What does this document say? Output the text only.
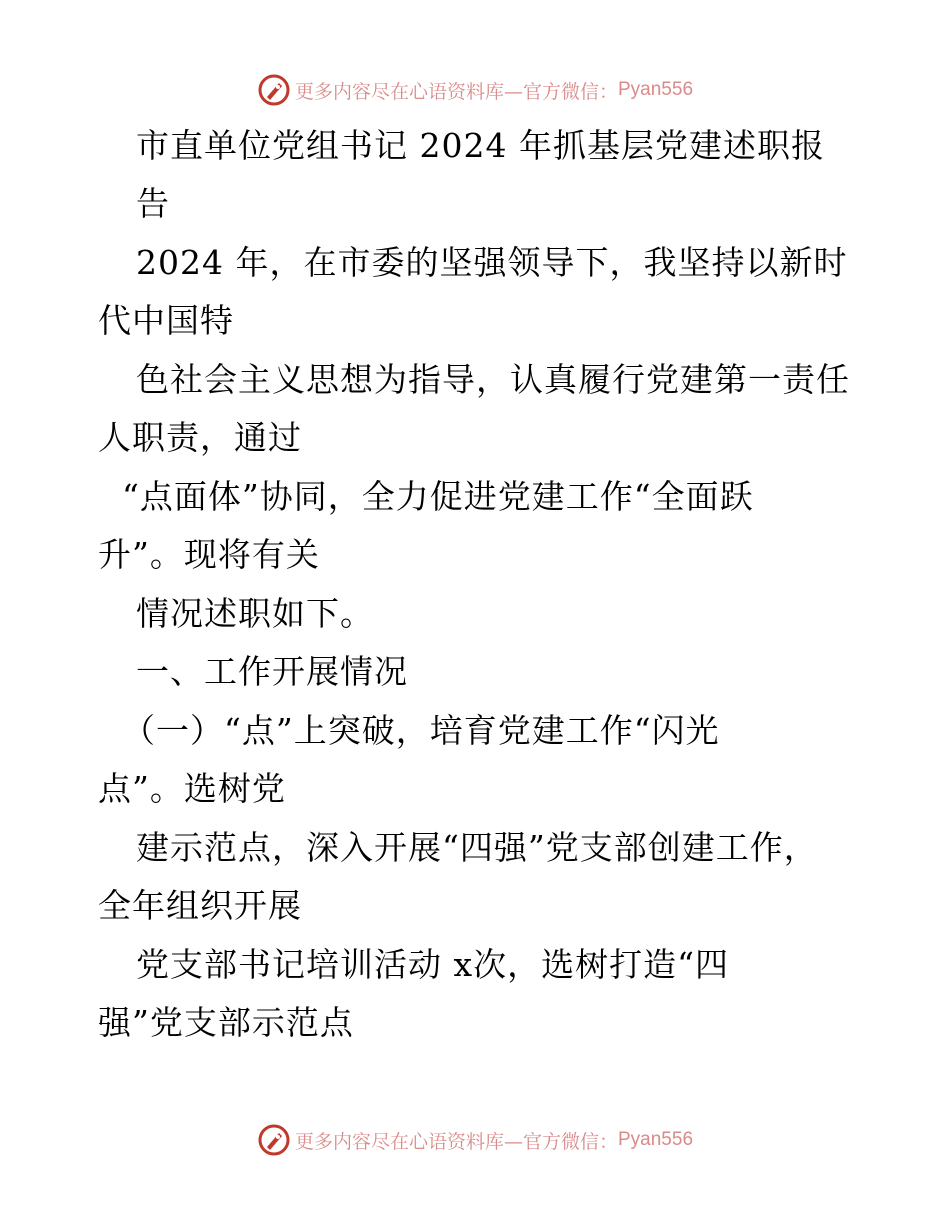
更多内容尽在心语资料库—官方微信： Pyan556
市直单位党组书记 2024 年抓基层党建述职报
告
2024 年，在市委的坚强领导下，我坚持以新时
代中国特
色社会主义思想为指导，认真履行党建第一责任
人职责，通过
“点面体”协同，全力促进党建工作“全面跃
升”。现将有关
情况述职如下。
一、工作开展情况
（一）“点”上突破，培育党建工作“闪光
点”。选树党
建示范点，深入开展“四强”党支部创建工作，
全年组织开展
党支部书记培训活动 x次，选树打造“四
强”党支部示范点
更多内容尽在心语资料库—官方微信： Pyan556
